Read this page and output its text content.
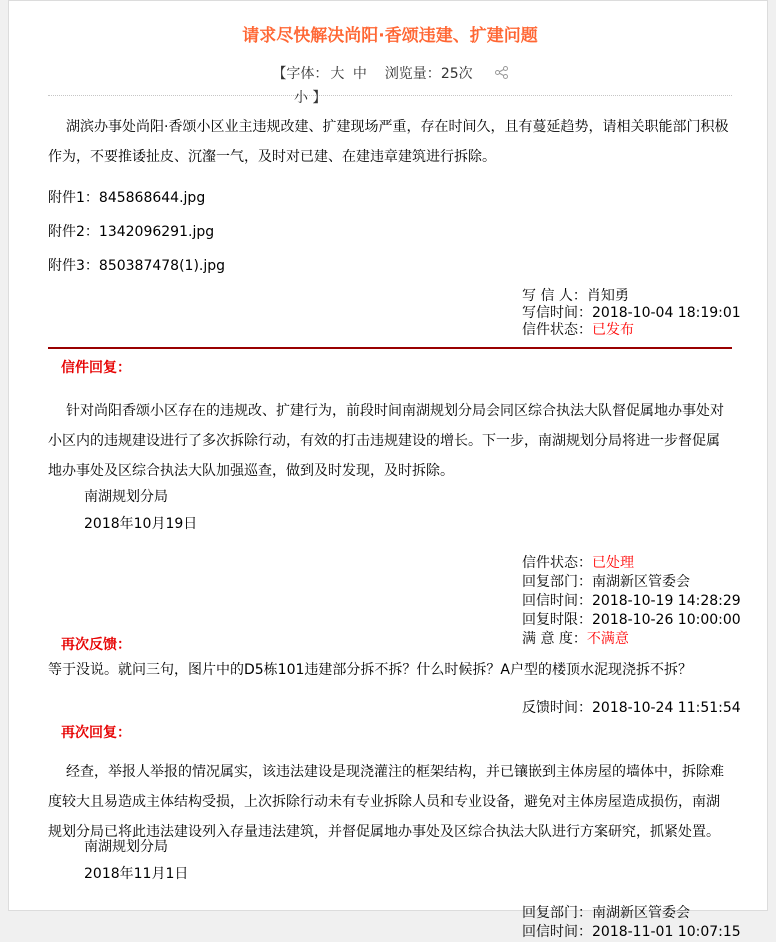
请求尽快解决尚阳·香颂违建、扩建问题
【字体： 大 中 浏览量：25次
小 】

湖滨办事处尚阳·香颂小区业主违规改建、扩建现场严重，存在时间久，且有蔓延趋势，请相关职能部门积极作为，不要推诿扯皮、沉瀣一气，及时对已建、在建违章建筑进行拆除。

附件1：845868644.jpg

附件2：1342096291.jpg

附件3：850387478(1).jpg

写 信 人：肖知勇
写信时间：2018-10-04 18:19:01
信件状态：已发布
信件回复：

针对尚阳香颂小区存在的违规改、扩建行为，前段时间南湖规划分局会同区综合执法大队督促属地办事处对小区内的违规建设进行了多次拆除行动，有效的打击违规建设的增长。下一步，南湖规划分局将进一步督促属地办事处及区综合执法大队加强巡查，做到及时发现，及时拆除。

南湖规划分局

2018年10月19日

信件状态：已处理
回复部门：南湖新区管委会
回信时间：2018-10-19 14:28:29
回复时限：2018-10-26 10:00:00
满 意 度：不满意
再次反馈：

等于没说。就问三句，图片中的D5栋101违建部分拆不拆？什么时候拆？A户型的楼顶水泥现浇拆不拆？

反馈时间：2018-10-24 11:51:54
再次回复：

经查，举报人举报的情况属实，该违法建设是现浇灌注的框架结构，并已镶嵌到主体房屋的墙体中，拆除难度较大且易造成主体结构受损，上次拆除行动未有专业拆除人员和专业设备，避免对主体房屋造成损伤，南湖规划分局已将此违法建设列入存量违法建筑，并督促属地办事处及区综合执法大队进行方案研究，抓紧处置。

南湖规划分局

2018年11月1日

回复部门：南湖新区管委会
回信时间：2018-11-01 10:07:15
